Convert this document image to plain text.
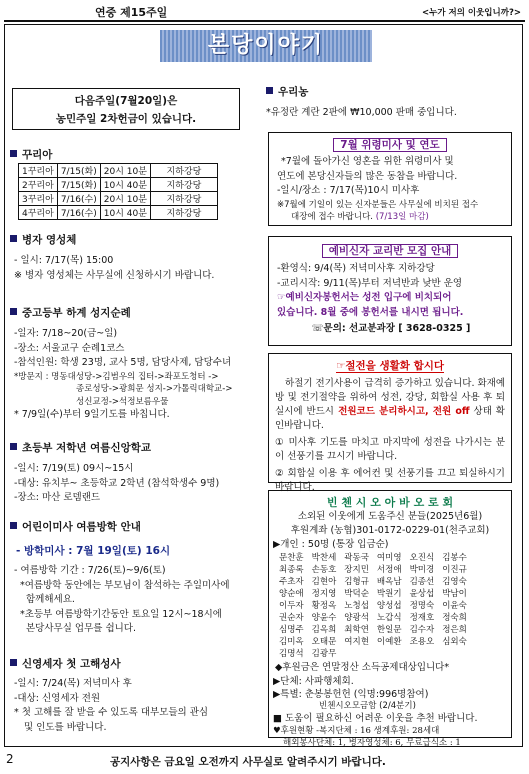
연중 제15주일	<누가 저의 이웃입니까?>
본당이야기
다음주일(7월20일)은
농민주일 2차헌금이 있습니다.
꾸리아
1꾸리아	7/15(화)	20시 10분	지하강당
2꾸리아	7/15(화)	10시 40분	지하강당
3꾸리아	7/16(수)	20시 10분	지하강당
4꾸리아	7/16(수)	10시 40분	지하강당
병자 영성체
- 일시: 7/17(목) 15:00
※ 병자 영성체는 사무실에 신청하시기 바랍니다.
중고등부 하계 성지순례
-일자: 7/18~20(금~일)
-장소: 서울교구 순례1코스
-참석인원: 학생 23명, 교사 5명, 담당사제, 담당수녀
*방문지 : 명동대성당->김범우의 집터->좌포도청터 ->
종로성당->광희문 성지->가톨릭대학교->
성신교정->석정보름우물
* 7/9일(수)부터 9일기도를 바칩니다.
초등부 저학년 여름신앙학교
-일시: 7/19(토) 09시~15시
-대상: 유치부~ 초등학교 2학년 (참석학생수 9명)
-장소: 마산 로뎀랜드
어린이미사 여름방학 안내
- 방학미사 : 7월 19일(토) 16시
- 여름방학 기간 : 7/26(토)~9/6(토)
*여름방학 동안에는 부모님이 참석하는 주일미사에
함께해세요.
*초등부 여름방학기간동안 토요일 12시~18시에
본당사무실 업무를 쉽니다.
신영세자 첫 고해성사
-일시: 7/24(목) 저녁미사 후
-대상: 신영세자 전원
* 첫 고해를 잘 받을 수 있도록 대부모들의 관심
및 인도를 바랍니다.
우리농
*유정란 계란 2판에 ₩10,000 판매 중입니다.
7월 위령미사 및 연도
*7월에 돌아가신 영혼을 위한 위령미사 및
연도에 본당신자들의 많은 동참을 바랍니다.
-일시/장소 : 7/17(목)10시 미사후
※7월에 기일이 있는 신자분들은 사무실에 비치된 접수
대장에 접수 바랍니다. (7/13일 마감)
예비신자 교리반 모집 안내
-환영식: 9/4(목) 저녁미사후 지하강당
-교리시작: 9/11(목)부터 저녁반과 낮반 운영
☞예비신자봉헌서는 성전 입구에 비치되어
있습니다. 8월 중에 봉헌서를 내시면 됩니다.
☏문의: 선교분과장 [ 3628-0325 ]
☞절전을 생활화 합시다
하절기 전기사용이 급격히 증가하고 있습니다. 화재예방 및 전기절약을 위하여 성전, 강당, 회합실 사용 후 퇴실시에 반드시 전원코드 분리하시고, 전원 off 상태 확인바랍니다.
① 미사후 기도를 마치고 마지막에 성전을 나가시는 분이 선풍기를 끄시기 바랍니다.
② 회합실 이용 후 에어컨 및 선풍기를 끄고 퇴실하시기 바랍니다.
빈 첸 시 오 아 바 오 로 회
소외된 이웃에게 도움주신 분들(2025년6월)
후원계좌 (농협)301-0172-0229-01(천주교회)
▶개인 : 50명 (통장 입금순)
문찬훈	박찬세	곽동국	여미영	오진식	김봉수
최종록	손동호	장지민	서정애	박미경	이진규
주초자	김현아	김형규	배옥남	김종선	김영숙
양순애	정지영	박덕순	박원기	윤상섭	박남이
이두자	황정옥	노청섭	양성섭	정명숙	이윤숙
권순자	양윤수	양광석	노갑식	정재호	정숙희
심명주	김옥희	최학연	한일문	김수자	정은희
김미옥	오태문	여지현	이예환	조용오	심외숙
김명석	김광무				
◆후원금은 연말정산 소득공제대상입니다*
▶단체: 사파행체회.
▶특별: 춘봉봉헌헌 (익명:996명참여)
빈첸시오모금함 (2/4분기)
■ 도움이 필요하신 어려운 이웃을 추천 바랍니다.
♥후원현황 -복지단체 : 16 생계후원: 28세대
해외봉사단체: 1, 병자영성체: 6, 무료급식소 : 1
2	공지사항은 금요일 오전까지 사무실로 알려주시기 바랍니다.
